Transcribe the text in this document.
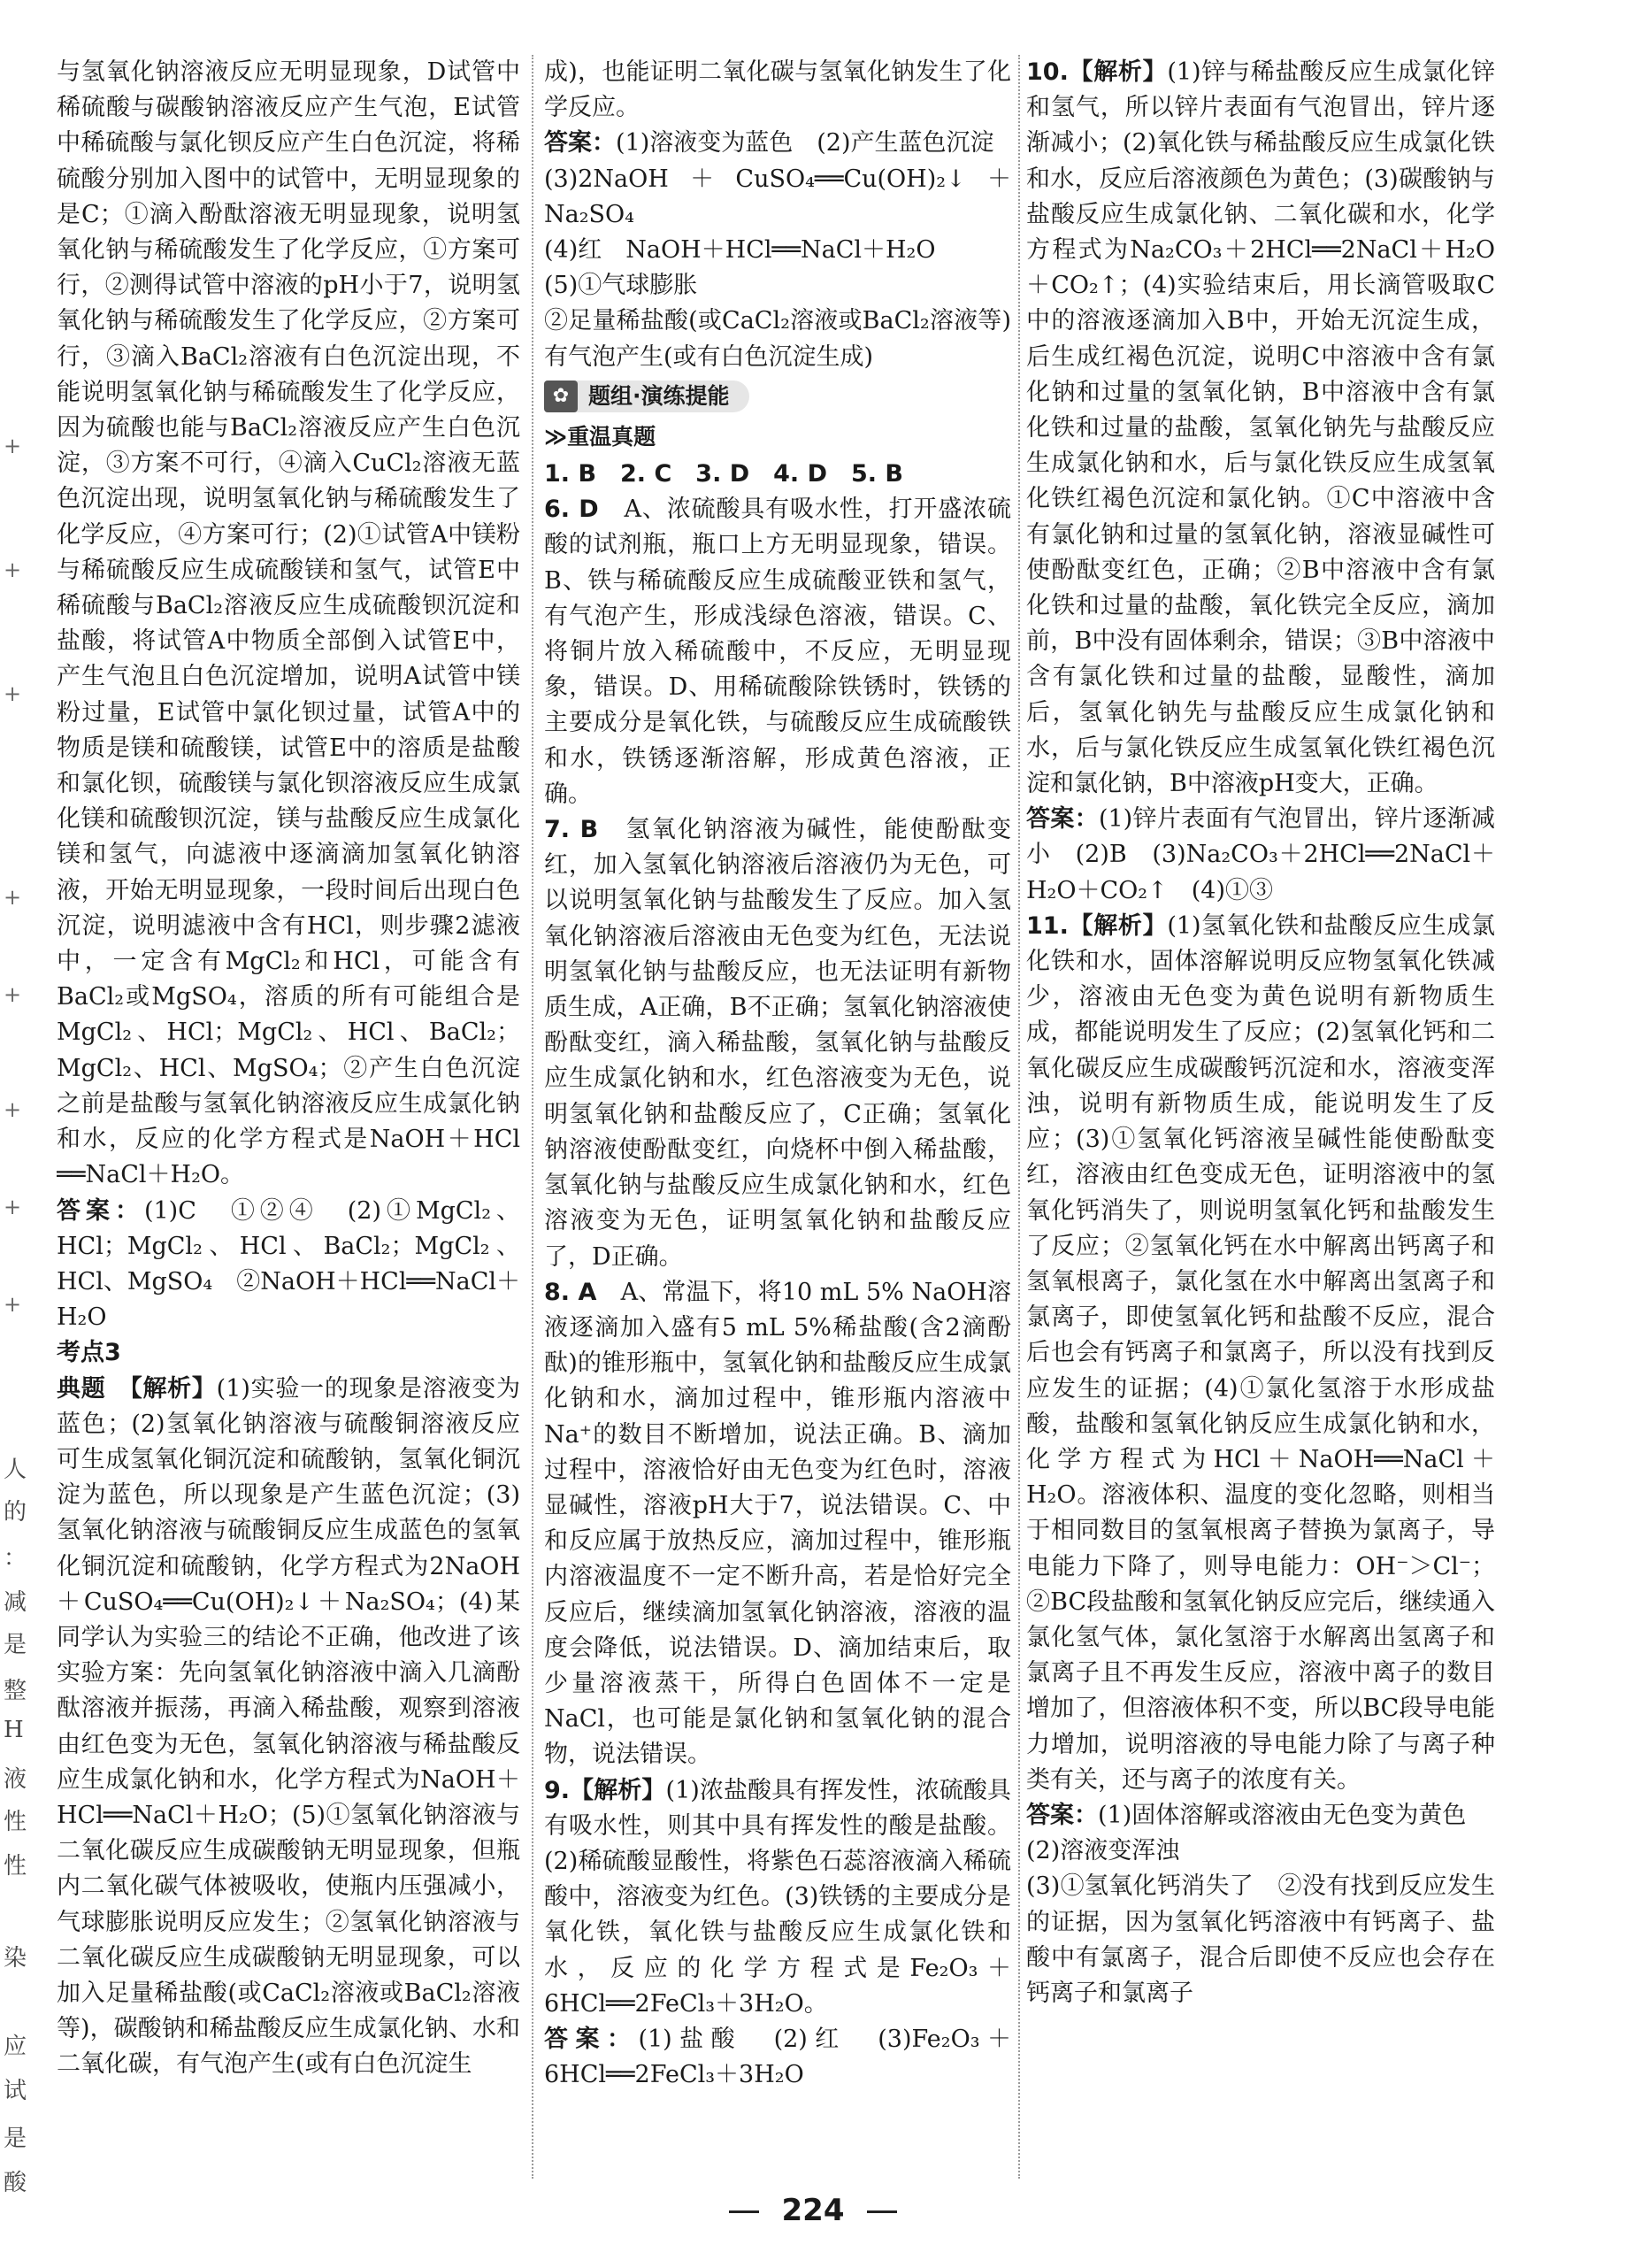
人
的
：
减
是
整
H
液
性
性
染
应
试
是
酸
+
+
+
+
+
+
+
+

与氢氧化钠溶液反应无明显现象，D试管中稀硫酸与碳酸钠溶液反应产生气泡，E试管中稀硫酸与氯化钡反应产生白色沉淀，将稀硫酸分别加入图中的试管中，无明显现象的是C；①滴入酚酞溶液无明显现象，说明氢氧化钠与稀硫酸发生了化学反应，①方案可行，②测得试管中溶液的pH小于7，说明氢氧化钠与稀硫酸发生了化学反应，②方案可行，③滴入BaCl₂溶液有白色沉淀出现，不能说明氢氧化钠与稀硫酸发生了化学反应，因为硫酸也能与BaCl₂溶液反应产生白色沉淀，③方案不可行，④滴入CuCl₂溶液无蓝色沉淀出现，说明氢氧化钠与稀硫酸发生了化学反应，④方案可行；(2)①试管A中镁粉与稀硫酸反应生成硫酸镁和氢气，试管E中稀硫酸与BaCl₂溶液反应生成硫酸钡沉淀和盐酸，将试管A中物质全部倒入试管E中，产生气泡且白色沉淀增加，说明A试管中镁粉过量，E试管中氯化钡过量，试管A中的物质是镁和硫酸镁，试管E中的溶质是盐酸和氯化钡，硫酸镁与氯化钡溶液反应生成氯化镁和硫酸钡沉淀，镁与盐酸反应生成氯化镁和氢气，向滤液中逐滴滴加氢氧化钠溶液，开始无明显现象，一段时间后出现白色沉淀，说明滤液中含有HCl，则步骤2滤液中，一定含有MgCl₂和HCl，可能含有BaCl₂或MgSO₄，溶质的所有可能组合是MgCl₂、HCl；MgCl₂、HCl、BaCl₂；MgCl₂、HCl、MgSO₄；②产生白色沉淀之前是盐酸与氢氧化钠溶液反应生成氯化钠和水，反应的化学方程式是NaOH＋HCl ══NaCl＋H₂O。

答案：(1)C　①②④　(2)①MgCl₂、HCl；MgCl₂、HCl、BaCl₂；MgCl₂、HCl、MgSO₄　②NaOH＋HCl══NaCl＋H₂O

考点3

典题　【解析】(1)实验一的现象是溶液变为蓝色；(2)氢氧化钠溶液与硫酸铜溶液反应可生成氢氧化铜沉淀和硫酸钠，氢氧化铜沉淀为蓝色，所以现象是产生蓝色沉淀；(3)氢氧化钠溶液与硫酸铜反应生成蓝色的氢氧化铜沉淀和硫酸钠，化学方程式为2NaOH＋CuSO₄══Cu(OH)₂↓＋Na₂SO₄；(4)某同学认为实验三的结论不正确，他改进了该实验方案：先向氢氧化钠溶液中滴入几滴酚酞溶液并振荡，再滴入稀盐酸，观察到溶液由红色变为无色，氢氧化钠溶液与稀盐酸反应生成氯化钠和水，化学方程式为NaOH＋HCl══NaCl＋H₂O；(5)①氢氧化钠溶液与二氧化碳反应生成碳酸钠无明显现象，但瓶内二氧化碳气体被吸收，使瓶内压强减小，气球膨胀说明反应发生；②氢氧化钠溶液与二氧化碳反应生成碳酸钠无明显现象，可以加入足量稀盐酸(或CaCl₂溶液或BaCl₂溶液等)，碳酸钠和稀盐酸反应生成氯化钠、水和二氧化碳，有气泡产生(或有白色沉淀生

成)，也能证明二氧化碳与氢氧化钠发生了化学反应。

答案：(1)溶液变为蓝色　(2)产生蓝色沉淀

(3)2NaOH＋CuSO₄══Cu(OH)₂↓＋Na₂SO₄

(4)红　NaOH＋HCl══NaCl＋H₂O

(5)①气球膨胀

②足量稀盐酸(或CaCl₂溶液或BaCl₂溶液等)　有气泡产生(或有白色沉淀生成)

✿ 题组·演练提能
≫重温真题

1. B　2. C　3. D　4. D　5. B

6. D　A、浓硫酸具有吸水性，打开盛浓硫酸的试剂瓶，瓶口上方无明显现象，错误。B、铁与稀硫酸反应生成硫酸亚铁和氢气，有气泡产生，形成浅绿色溶液，错误。C、将铜片放入稀硫酸中，不反应，无明显现象，错误。D、用稀硫酸除铁锈时，铁锈的主要成分是氧化铁，与硫酸反应生成硫酸铁和水，铁锈逐渐溶解，形成黄色溶液，正确。

7. B　氢氧化钠溶液为碱性，能使酚酞变红，加入氢氧化钠溶液后溶液仍为无色，可以说明氢氧化钠与盐酸发生了反应。加入氢氧化钠溶液后溶液由无色变为红色，无法说明氢氧化钠与盐酸反应，也无法证明有新物质生成，A正确，B不正确；氢氧化钠溶液使酚酞变红，滴入稀盐酸，氢氧化钠与盐酸反应生成氯化钠和水，红色溶液变为无色，说明氢氧化钠和盐酸反应了，C正确；氢氧化钠溶液使酚酞变红，向烧杯中倒入稀盐酸，氢氧化钠与盐酸反应生成氯化钠和水，红色溶液变为无色，证明氢氧化钠和盐酸反应了，D正确。

8. A　A、常温下，将10 mL 5% NaOH溶液逐滴加入盛有5 mL 5%稀盐酸(含2滴酚酞)的锥形瓶中，氢氧化钠和盐酸反应生成氯化钠和水，滴加过程中，锥形瓶内溶液中Na⁺的数目不断增加，说法正确。B、滴加过程中，溶液恰好由无色变为红色时，溶液显碱性，溶液pH大于7，说法错误。C、中和反应属于放热反应，滴加过程中，锥形瓶内溶液温度不一定不断升高，若是恰好完全反应后，继续滴加氢氧化钠溶液，溶液的温度会降低，说法错误。D、滴加结束后，取少量溶液蒸干，所得白色固体不一定是NaCl，也可能是氯化钠和氢氧化钠的混合物，说法错误。

9.【解析】(1)浓盐酸具有挥发性，浓硫酸具有吸水性，则其中具有挥发性的酸是盐酸。(2)稀硫酸显酸性，将紫色石蕊溶液滴入稀硫酸中，溶液变为红色。(3)铁锈的主要成分是氧化铁，氧化铁与盐酸反应生成氯化铁和水，反应的化学方程式是Fe₂O₃＋6HCl══2FeCl₃＋3H₂O。

答案：(1)盐酸　(2)红　(3)Fe₂O₃＋6HCl══2FeCl₃＋3H₂O

10.【解析】(1)锌与稀盐酸反应生成氯化锌和氢气，所以锌片表面有气泡冒出，锌片逐渐减小；(2)氧化铁与稀盐酸反应生成氯化铁和水，反应后溶液颜色为黄色；(3)碳酸钠与盐酸反应生成氯化钠、二氧化碳和水，化学方程式为Na₂CO₃＋2HCl══2NaCl＋H₂O＋CO₂↑；(4)实验结束后，用长滴管吸取C中的溶液逐滴加入B中，开始无沉淀生成，后生成红褐色沉淀，说明C中溶液中含有氯化钠和过量的氢氧化钠，B中溶液中含有氯化铁和过量的盐酸，氢氧化钠先与盐酸反应生成氯化钠和水，后与氯化铁反应生成氢氧化铁红褐色沉淀和氯化钠。①C中溶液中含有氯化钠和过量的氢氧化钠，溶液显碱性可使酚酞变红色，正确；②B中溶液中含有氯化铁和过量的盐酸，氧化铁完全反应，滴加前，B中没有固体剩余，错误；③B中溶液中含有氯化铁和过量的盐酸，显酸性，滴加后，氢氧化钠先与盐酸反应生成氯化钠和水，后与氯化铁反应生成氢氧化铁红褐色沉淀和氯化钠，B中溶液pH变大，正确。

答案：(1)锌片表面有气泡冒出，锌片逐渐减小　(2)B　(3)Na₂CO₃＋2HCl══2NaCl＋H₂O＋CO₂↑　(4)①③

11.【解析】(1)氢氧化铁和盐酸反应生成氯化铁和水，固体溶解说明反应物氢氧化铁减少，溶液由无色变为黄色说明有新物质生成，都能说明发生了反应；(2)氢氧化钙和二氧化碳反应生成碳酸钙沉淀和水，溶液变浑浊，说明有新物质生成，能说明发生了反应；(3)①氢氧化钙溶液呈碱性能使酚酞变红，溶液由红色变成无色，证明溶液中的氢氧化钙消失了，则说明氢氧化钙和盐酸发生了反应；②氢氧化钙在水中解离出钙离子和氢氧根离子，氯化氢在水中解离出氢离子和氯离子，即使氢氧化钙和盐酸不反应，混合后也会有钙离子和氯离子，所以没有找到反应发生的证据；(4)①氯化氢溶于水形成盐酸，盐酸和氢氧化钠反应生成氯化钠和水，化学方程式为HCl＋NaOH══NaCl＋H₂O。溶液体积、温度的变化忽略，则相当于相同数目的氢氧根离子替换为氯离子，导电能力下降了，则导电能力：OH⁻＞Cl⁻；②BC段盐酸和氢氧化钠反应完后，继续通入氯化氢气体，氯化氢溶于水解离出氢离子和氯离子且不再发生反应，溶液中离子的数目增加了，但溶液体积不变，所以BC段导电能力增加，说明溶液的导电能力除了与离子种类有关，还与离子的浓度有关。

答案：(1)固体溶解或溶液由无色变为黄色

(2)溶液变浑浊

(3)①氢氧化钙消失了　②没有找到反应发生的证据，因为氢氧化钙溶液中有钙离子、盐酸中有氯离子，混合后即使不反应也会存在钙离子和氯离子

224
